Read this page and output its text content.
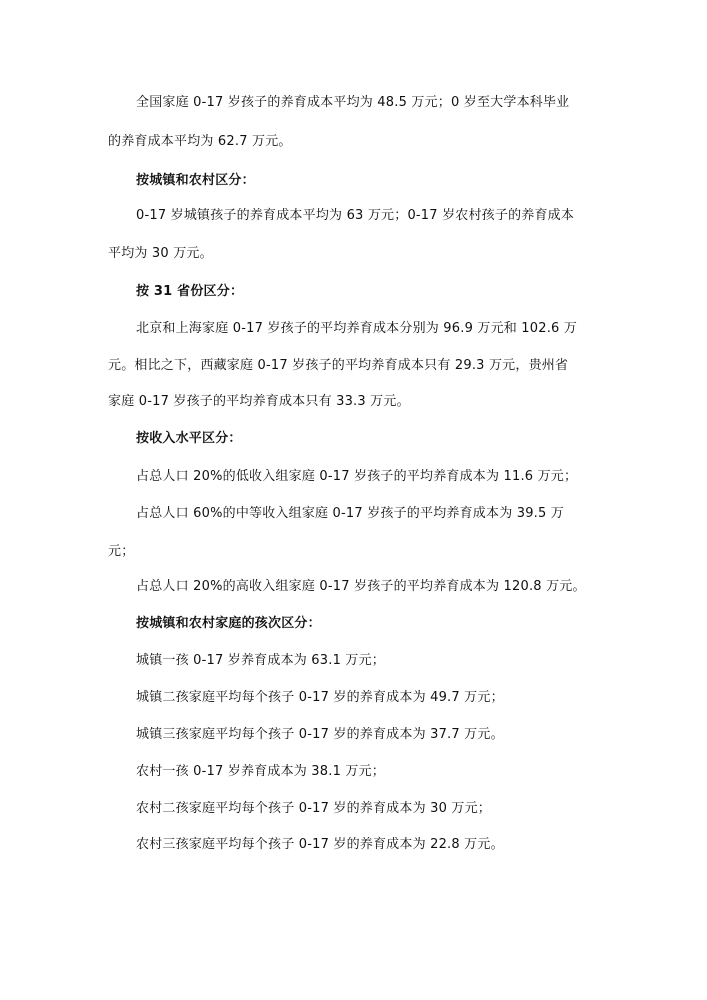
全国家庭 0-17 岁孩子的养育成本平均为 48.5 万元；0 岁至大学本科毕业
的养育成本平均为 62.7 万元。
按城镇和农村区分：
0-17 岁城镇孩子的养育成本平均为 63 万元；0-17 岁农村孩子的养育成本
平均为 30 万元。
按 31 省份区分：
北京和上海家庭 0-17 岁孩子的平均养育成本分别为 96.9 万元和 102.6 万
元。相比之下，西藏家庭 0-17 岁孩子的平均养育成本只有 29.3 万元，贵州省
家庭 0-17 岁孩子的平均养育成本只有 33.3 万元。
按收入水平区分：
占总人口 20%的低收入组家庭 0-17 岁孩子的平均养育成本为 11.6 万元；
占总人口 60%的中等收入组家庭 0-17 岁孩子的平均养育成本为 39.5 万
元；
占总人口 20%的高收入组家庭 0-17 岁孩子的平均养育成本为 120.8 万元。
按城镇和农村家庭的孩次区分：
城镇一孩 0-17 岁养育成本为 63.1 万元；
城镇二孩家庭平均每个孩子 0-17 岁的养育成本为 49.7 万元；
城镇三孩家庭平均每个孩子 0-17 岁的养育成本为 37.7 万元。
农村一孩 0-17 岁养育成本为 38.1 万元；
农村二孩家庭平均每个孩子 0-17 岁的养育成本为 30 万元；
农村三孩家庭平均每个孩子 0-17 岁的养育成本为 22.8 万元。
